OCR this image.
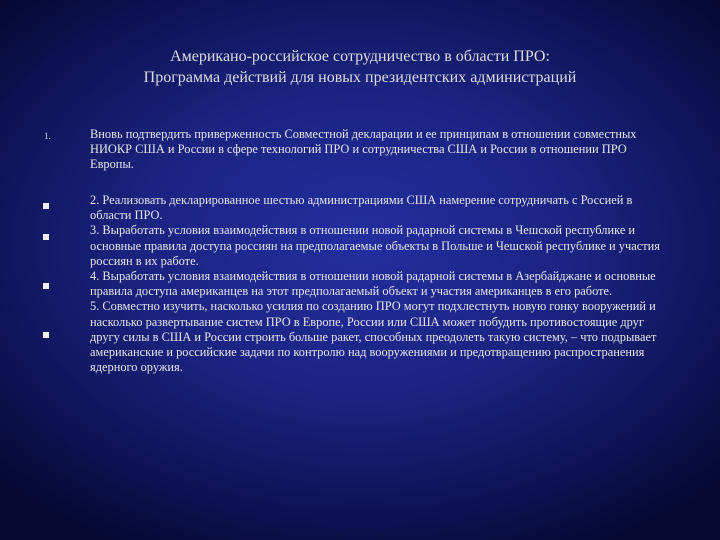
Американо-российское сотрудничество в области ПРО:
Программа действий для новых президентских администраций
1.	Вновь подтвердить приверженность Совместной декларации и ее принципам в отношении совместных НИОКР США и России в сфере технологий ПРО и сотрудничества США и России в отношении ПРО Европы.

2. Реализовать декларированное шестью администрациями США намерение сотрудничать с Россией в области ПРО.

3. Выработать условия взаимодействия в отношении новой радарной системы в Чешской республике и основные правила доступа россиян на предполагаемые объекты в Польше и Чешской республике и участия россиян в их работе.

4. Выработать условия взаимодействия в отношении новой радарной системы в Азербайджане и основные правила доступа американцев на этот предполагаемый объект и участия американцев в его работе.

5. Совместно изучить, насколько усилия по созданию ПРО могут подхлестнуть новую гонку вооружений и насколько развертывание систем ПРО в Европе, России или США может побудить противостоящие друг другу силы в США и России строить больше ракет, способных преодолеть такую систему, – что подрывает американские и российские задачи по контролю над вооружениями и предотвращению распространения ядерного оружия.
